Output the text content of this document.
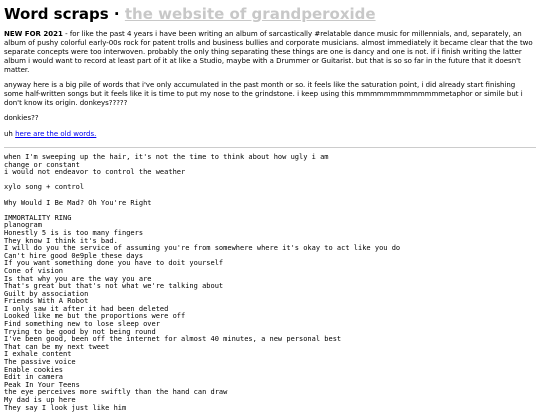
Word scraps · the website of grandperoxide

NEW FOR 2021 - for like the past 4 years i have been writing an album of sarcastically #relatable dance music for millennials, and, separately, an album of pushy colorful early-00s rock for patent trolls and business bullies and corporate musicians. almost immediately it became clear that the two separate concepts were too interwoven. probably the only thing separating these things are one is dancy and one is not. if i finish writing the latter album i would want to record at least part of it at like a Studio, maybe with a Drummer or Guitarist. but that is so so far in the future that it doesn't matter.

anyway here is a big pile of words that i've only accumulated in the past month or so. it feels like the saturation point, i did already start finishing some half-written songs but it feels like it is time to put my nose to the grindstone. i keep using this mmmmmmmmmmmmmetaphor or simile but i don't know its origin. donkeys?????

donkies??

uh here are the old words.

when I'm sweeping up the hair, it's not the time to think about how ugly i am
change or constant
i would not endeavor to control the weather
xylo song + control
Why Would I Be Mad? Oh You're Right
IMMORTALITY RING
planogram
Honestly 5 is is too many fingers
They know I think it's bad.
I will do you the service of assuming you're from somewhere where it's okay to act like you do
Can't hire good 0e9ple these days
If you want something done you have to doit yourself
Cone of vision
Is that why you are the way you are
That's great but that's not what we're talking about
Guilt by association
Friends With A Robot
I only saw it after it had been deleted
Looked like me but the proportions were off
Find something new to lose sleep over
Trying to be good by not being round
I've been good, been off the internet for almost 40 minutes, a new personal best
That can be my next tweet
I exhale content
The passive voice
Enable cookies
Edit in camera
Peak In Your Teens
the eye perceives more swiftly than the hand can draw
My dad is up here
They say I look just like him
